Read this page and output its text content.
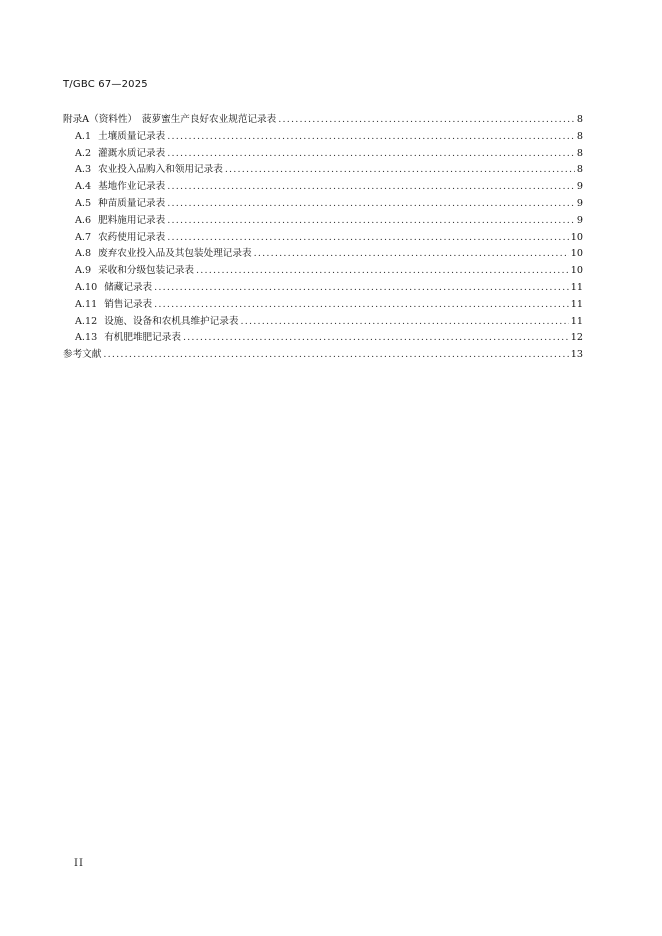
T/GBC 67—2025
附录A（资料性）　菠萝蜜生产良好农业规范记录表 .....	8
A.1 土壤质量记录表 .....	8
A.2 灌溉水质记录表 .....	8
A.3 农业投入品购入和领用记录表 .....	8
A.4 基地作业记录表 .....	9
A.5 种苗质量记录表 .....	9
A.6 肥料施用记录表 .....	9
A.7 农药使用记录表 .....	10
A.8 废弃农业投入品及其包装处理记录表 .....	10
A.9 采收和分级包装记录表 .....	10
A.10 储藏记录表 .....	11
A.11 销售记录表 .....	11
A.12 设施、设备和农机具维护记录表 .....	11
A.13 有机肥堆肥记录表 .....	12
参考文献 .....	13
II
